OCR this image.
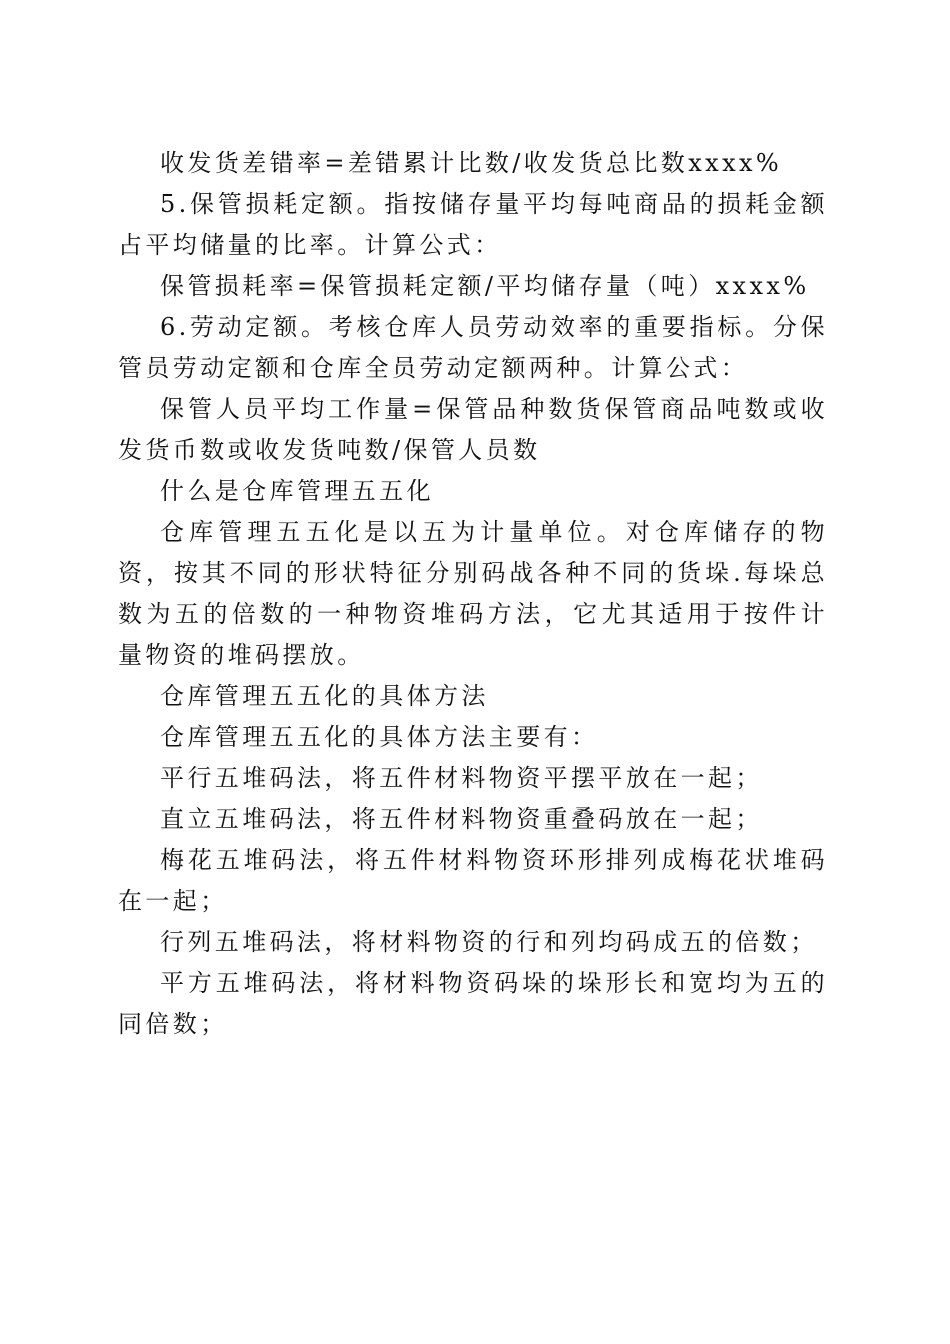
收发货差错率=差错累计比数/收发货总比数xxxx%

5.保管损耗定额。指按储存量平均每吨商品的损耗金额占平均储量的比率。计算公式：

保管损耗率=保管损耗定额/平均储存量（吨）xxxx%

6.劳动定额。考核仓库人员劳动效率的重要指标。分保管员劳动定额和仓库全员劳动定额两种。计算公式：

保管人员平均工作量=保管品种数货保管商品吨数或收发货币数或收发货吨数/保管人员数

什么是仓库管理五五化

仓库管理五五化是以五为计量单位。对仓库储存的物资，按其不同的形状特征分别码战各种不同的货垛.每垛总数为五的倍数的一种物资堆码方法，它尤其适用于按件计量物资的堆码摆放。

仓库管理五五化的具体方法

仓库管理五五化的具体方法主要有：

平行五堆码法，将五件材料物资平摆平放在一起；

直立五堆码法，将五件材料物资重叠码放在一起；

梅花五堆码法，将五件材料物资环形排列成梅花状堆码在一起；

行列五堆码法，将材料物资的行和列均码成五的倍数；

平方五堆码法，将材料物资码垛的垛形长和宽均为五的同倍数；
